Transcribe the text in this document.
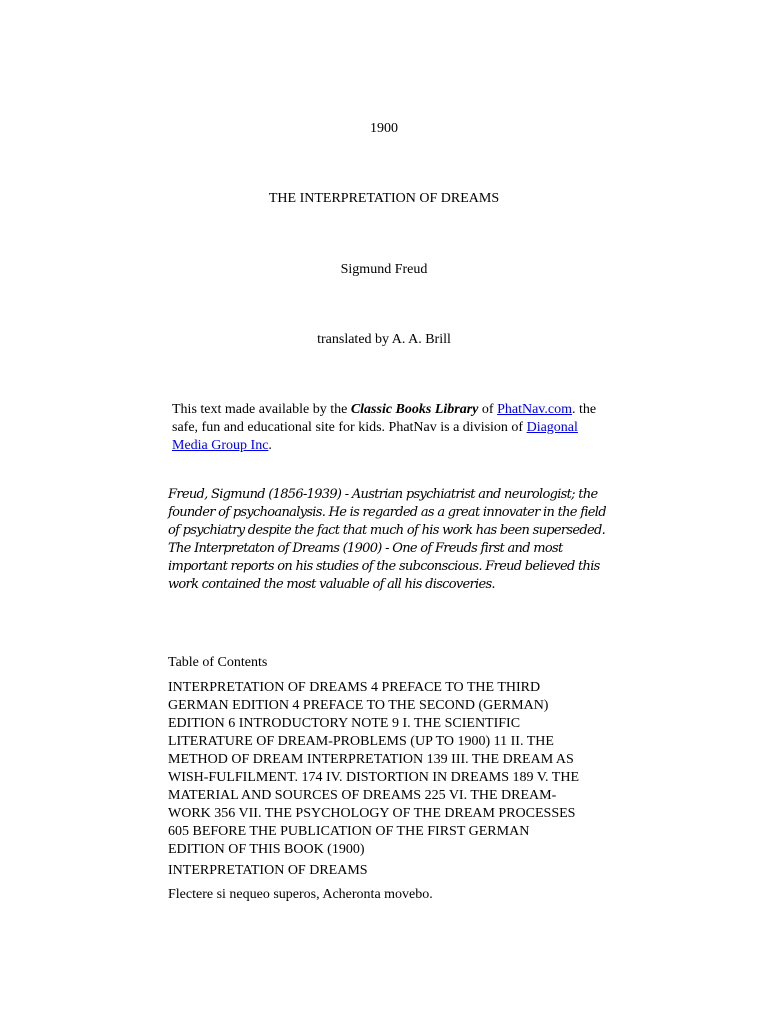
1900
THE INTERPRETATION OF DREAMS
Sigmund Freud
translated by A. A. Brill
This text made available by the Classic Books Library of PhatNav.com. the safe, fun and educational site for kids. PhatNav is a division of Diagonal Media Group Inc.
Freud, Sigmund (1856-1939) - Austrian psychiatrist and neurologist; the founder of psychoanalysis. He is regarded as a great innovater in the field of psychiatry despite the fact that much of his work has been superseded. The Interpretaton of Dreams (1900) - One of Freuds first and most important reports on his studies of the subconscious. Freud believed this work contained the most valuable of all his discoveries.
Table of Contents
INTERPRETATION OF DREAMS 4 PREFACE TO THE THIRD GERMAN EDITION 4 PREFACE TO THE SECOND (GERMAN) EDITION 6 INTRODUCTORY NOTE 9 I. THE SCIENTIFIC LITERATURE OF DREAM-PROBLEMS (UP TO 1900) 11 II. THE METHOD OF DREAM INTERPRETATION 139 III. THE DREAM AS WISH-FULFILMENT. 174 IV. DISTORTION IN DREAMS 189 V. THE MATERIAL AND SOURCES OF DREAMS 225 VI. THE DREAM-WORK 356 VII. THE PSYCHOLOGY OF THE DREAM PROCESSES 605 BEFORE THE PUBLICATION OF THE FIRST GERMAN EDITION OF THIS BOOK (1900)
INTERPRETATION OF DREAMS
Flectere si nequeo superos, Acheronta movebo.
